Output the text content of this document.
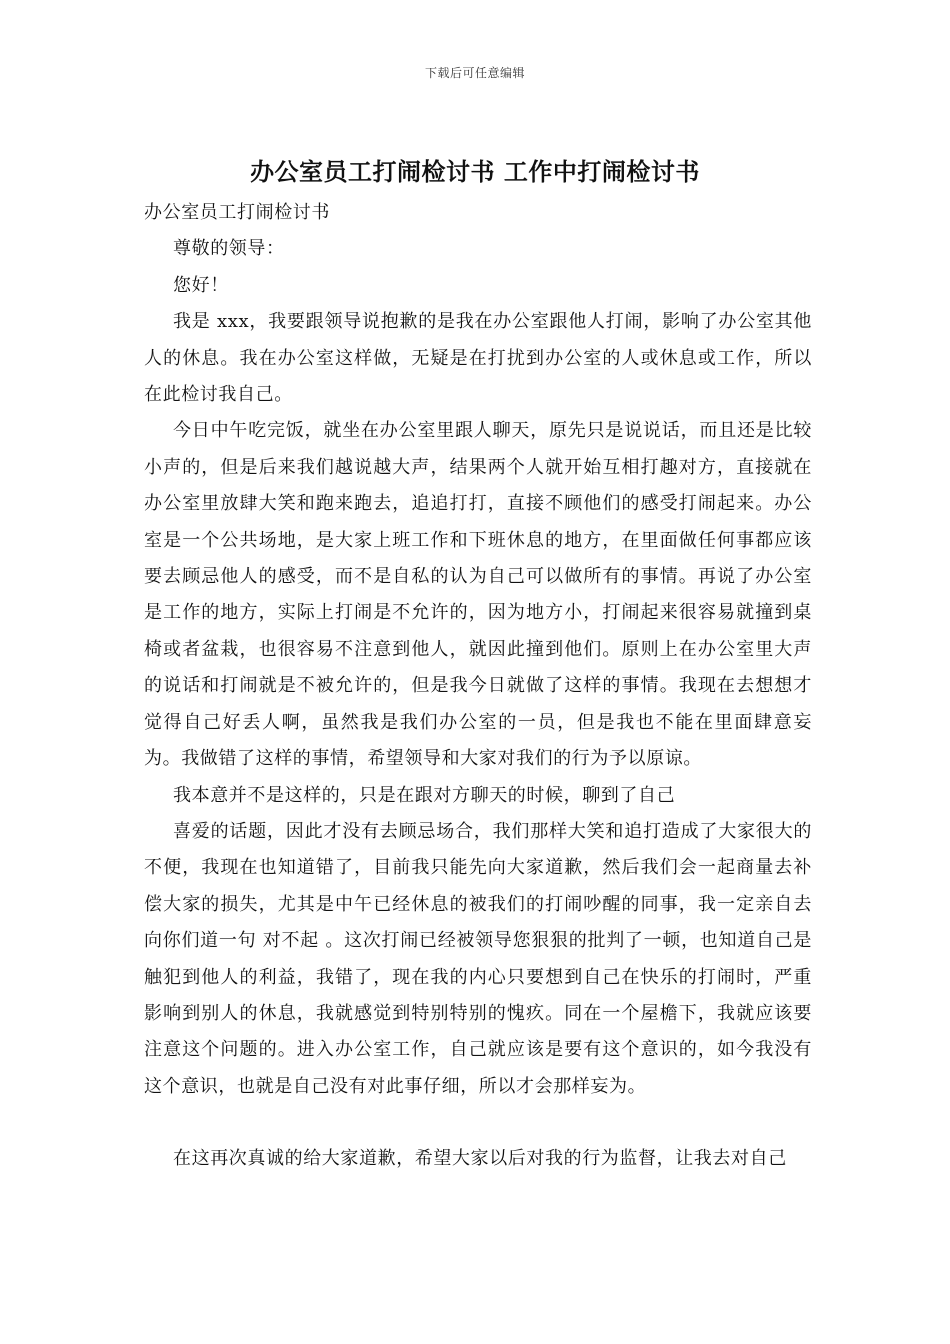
下载后可任意编辑
办公室员工打闹检讨书 工作中打闹检讨书

办公室员工打闹检讨书

尊敬的领导：

您好！

我是 xxx，我要跟领导说抱歉的是我在办公室跟他人打闹，影响了办公室其他人的休息。我在办公室这样做，无疑是在打扰到办公室的人或休息或工作，所以在此检讨我自己。

今日中午吃完饭，就坐在办公室里跟人聊天，原先只是说说话，而且还是比较小声的，但是后来我们越说越大声，结果两个人就开始互相打趣对方，直接就在办公室里放肆大笑和跑来跑去，追追打打，直接不顾他们的感受打闹起来。办公室是一个公共场地，是大家上班工作和下班休息的地方，在里面做任何事都应该要去顾忌他人的感受，而不是自私的认为自己可以做所有的事情。再说了办公室是工作的地方，实际上打闹是不允许的，因为地方小，打闹起来很容易就撞到桌椅或者盆栽，也很容易不注意到他人，就因此撞到他们。原则上在办公室里大声的说话和打闹就是不被允许的，但是我今日就做了这样的事情。我现在去想想才觉得自己好丢人啊，虽然我是我们办公室的一员，但是我也不能在里面肆意妄为。我做错了这样的事情，希望领导和大家对我们的行为予以原谅。

我本意并不是这样的，只是在跟对方聊天的时候，聊到了自己

喜爱的话题，因此才没有去顾忌场合，我们那样大笑和追打造成了大家很大的不便，我现在也知道错了，目前我只能先向大家道歉，然后我们会一起商量去补偿大家的损失，尤其是中午已经休息的被我们的打闹吵醒的同事，我一定亲自去向你们道一句 对不起 。这次打闹已经被领导您狠狠的批判了一顿，也知道自己是触犯到他人的利益，我错了，现在我的内心只要想到自己在快乐的打闹时，严重影响到别人的休息，我就感觉到特别特别的愧疚。同在一个屋檐下，我就应该要注意这个问题的。进入办公室工作，自己就应该是要有这个意识的，如今我没有这个意识，也就是自己没有对此事仔细，所以才会那样妄为。

在这再次真诚的给大家道歉，希望大家以后对我的行为监督，让我去对自己
